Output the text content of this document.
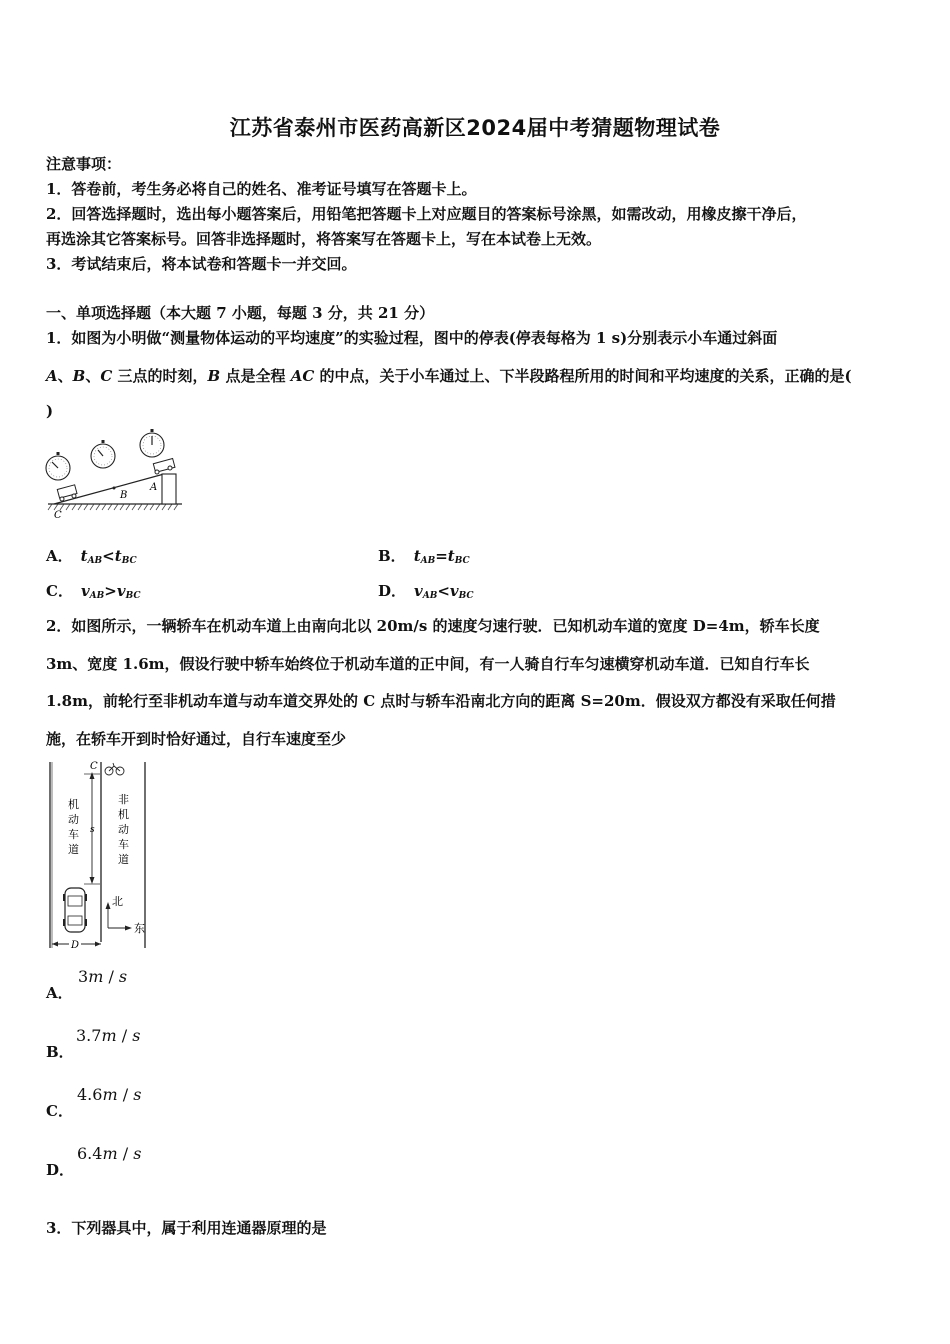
江苏省泰州市医药高新区2024届中考猜题物理试卷
注意事项：
1．答卷前，考生务必将自己的姓名、准考证号填写在答题卡上。
2．回答选择题时，选出每小题答案后，用铅笔把答题卡上对应题目的答案标号涂黑，如需改动，用橡皮擦干净后，
再选涂其它答案标号。回答非选择题时，将答案写在答题卡上，写在本试卷上无效。
3．考试结束后，将本试卷和答题卡一并交回。
一、单项选择题（本大题 7 小题，每题 3 分，共 21 分）
1．如图为小明做“测量物体运动的平均速度”的实验过程，图中的停表(停表每格为 1 s)分别表示小车通过斜面
A、B、C 三点的时刻，B 点是全程 AC 的中点，关于小车通过上、下半段路程所用的时间和平均速度的关系，正确的是(
)
B
A
C
A． $t_{AB}<t_{BC}$	B． $t_{AB}=t_{BC}$
C． $v_{AB}>v_{BC}$	D． $v_{AB}<v_{BC}$
2．如图所示，一辆轿车在机动车道上由南向北以 20m/s 的速度匀速行驶．已知机动车道的宽度 D=4m，轿车长度
3m、宽度 1.6m，假设行驶中轿车始终位于机动车道的正中间，有一人骑自行车匀速横穿机动车道．已知自行车长
1.8m，前轮行至非机动车道与动车道交界处的 C 点时与轿车沿南北方向的距离 S=20m．假设双方都没有采取任何措
施，在轿车开到时恰好通过，自行车速度至少
机
动
车
道
非
机
动
车
道
C
s
D
北
东
A．
3m / s
B．
3.7m / s
C．
4.6m / s
D．
6.4m / s
3．下列器具中，属于利用连通器原理的是
